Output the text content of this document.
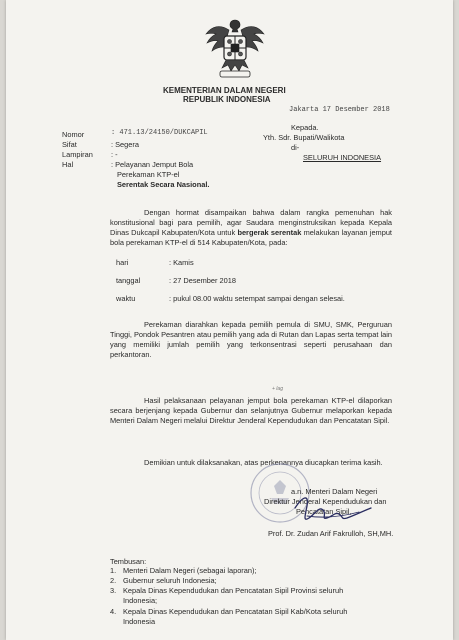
KEMENTERIAN DALAM NEGERI
REPUBLIK INDONESIA
Jakarta 17 Desember 2018
Kepada.
Yth. Sdr. Bupati/Walikota
di-
SELURUH INDONESIA
Nomor	: 471.13/24150/DUKCAPIL
Sifat	: Segera
Lampiran : -
Hal	: Pelayanan Jemput Bola
Perekaman KTP-el
Serentak Secara Nasional.
Dengan hormat disampaikan bahwa dalam rangka pemenuhan hak konstitusional bagi para pemilih, agar Saudara menginstruksikan kepada Kepala Dinas Dukcapil Kabupaten/Kota untuk bergerak serentak melakukan layanan jemput bola perekaman KTP-el di 514 Kabupaten/Kota, pada:
hari	: Kamis
tanggal	: 27 Desember 2018
waktu	: pukul 08.00 waktu setempat sampai dengan selesai.
Perekaman diarahkan kepada pemilih pemula di SMU, SMK, Perguruan Tinggi, Pondok Pesantren atau pemilih yang ada di Rutan dan Lapas serta tempat lain yang memiliki jumlah pemilih yang terkonsentrasi seperti perusahaan dan perkantoran.
+ lag
Hasil pelaksanaan pelayanan jemput bola perekaman KTP-el dilaporkan secara berjenjang kepada Gubernur dan selanjutnya Gubernur melaporkan kepada Menteri Dalam Negeri melalui Direktur Jenderal Kependudukan dan Pencatatan Sipil.
Demikian untuk dilaksanakan, atas perkenannya diucapkan terima kasih.
a.n. Menteri Dalam Negeri
Direktur Jenderal Kependudukan dan
Pencatatan Sipil,
Prof. Dr. Zudan Arif Fakrulloh, SH,MH.
Tembusan:
1. Menteri Dalam Negeri (sebagai laporan);
2. Gubernur seluruh Indonesia;
3. Kepala Dinas Kependudukan dan Pencatatan Sipil Provinsi seluruh
Indonesia;
4. Kepala Dinas Kependudukan dan Pencatatan Sipil Kab/Kota seluruh
Indonesia
